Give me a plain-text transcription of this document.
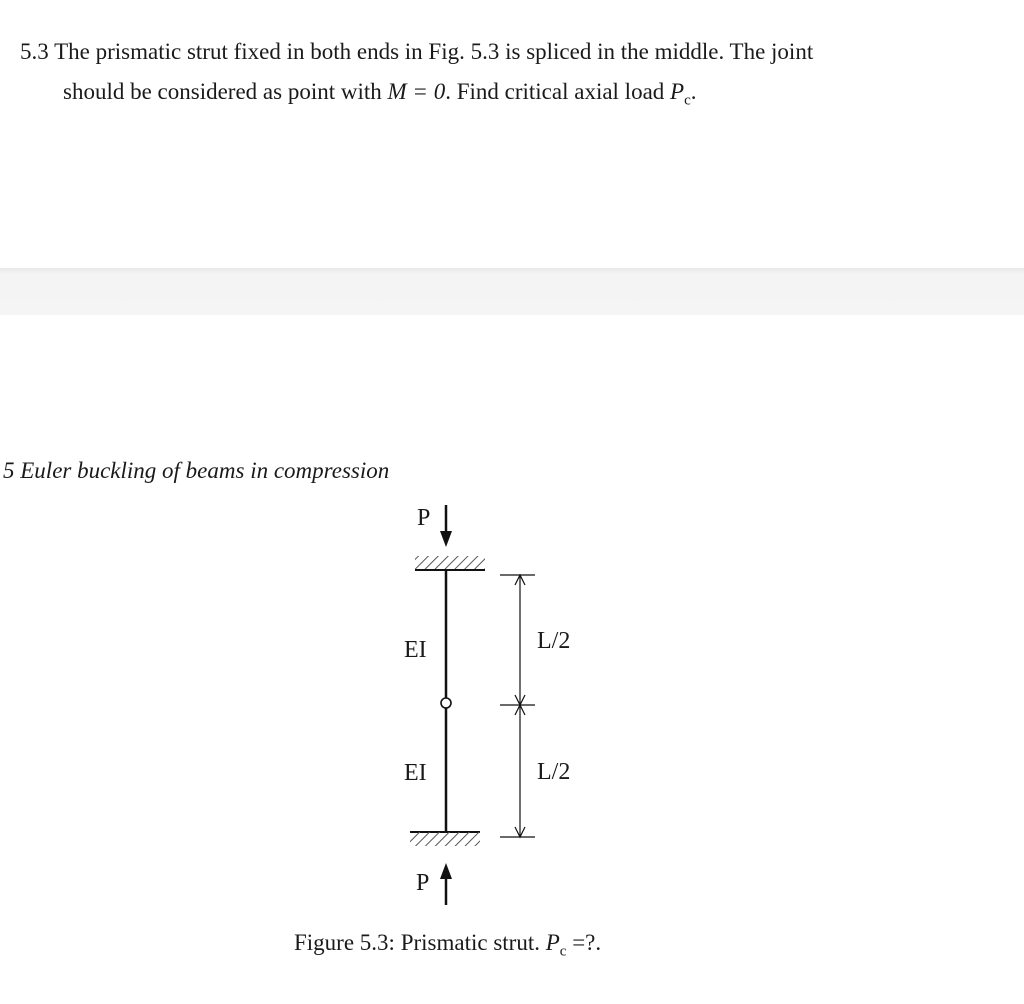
5.3 The prismatic strut fixed in both ends in Fig. 5.3 is spliced in the middle. The joint
should be considered as point with M = 0. Find critical axial load $P_c$.
5 Euler buckling of beams in compression
P
P
EI
EI
L/2
L/2
Figure 5.3: Prismatic strut. $P_c$ =?.
